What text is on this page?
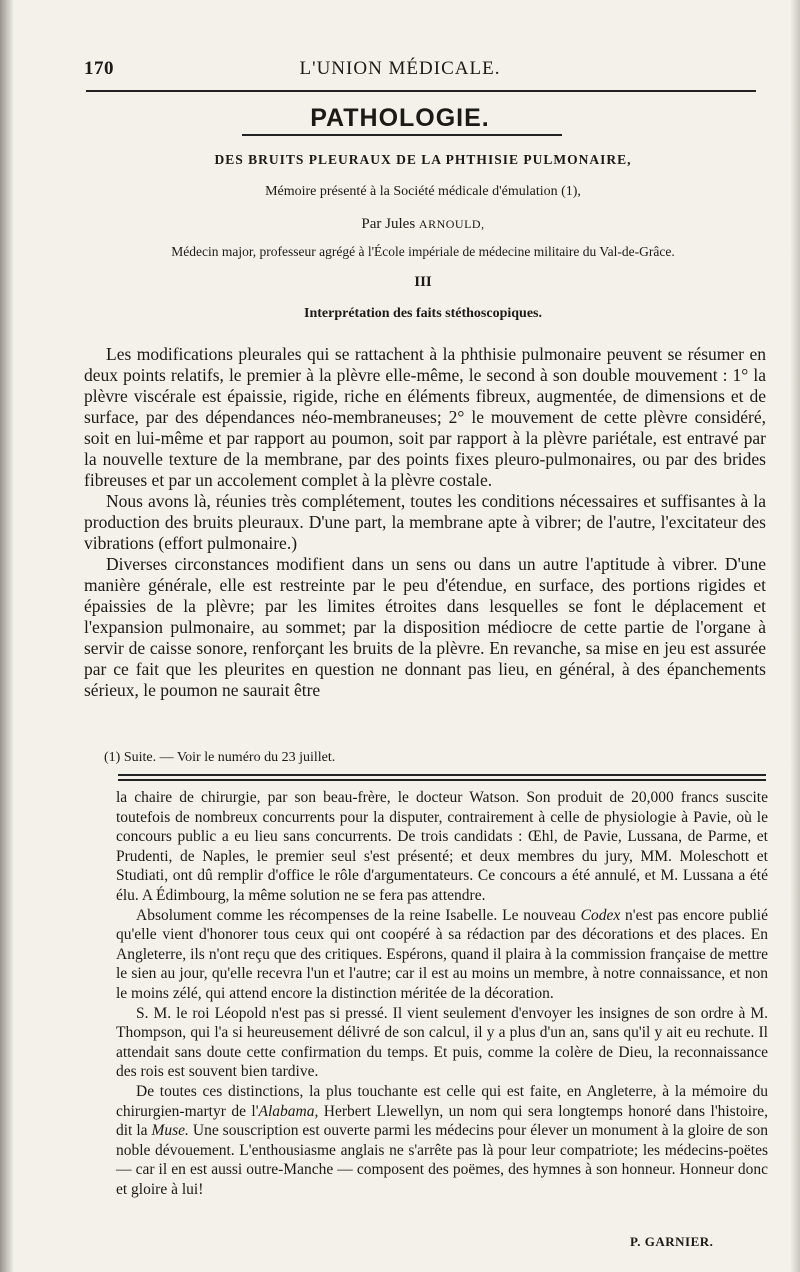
170	L'UNION MÉDICALE.
PATHOLOGIE.
DES BRUITS PLEURAUX DE LA PHTHISIE PULMONAIRE,
Mémoire présenté à la Société médicale d'émulation (1),
Par Jules ARNOULD,
Médecin major, professeur agrégé à l'École impériale de médecine militaire du Val-de-Grâce.
III
Interprétation des faits stéthoscopiques.

Les modifications pleurales qui se rattachent à la phthisie pulmonaire peuvent se résumer en deux points relatifs, le premier à la plèvre elle-même, le second à son double mouvement : 1° la plèvre viscérale est épaissie, rigide, riche en éléments fibreux, augmentée, de dimensions et de surface, par des dépendances néo-membraneuses; 2° le mouvement de cette plèvre considéré, soit en lui-même et par rapport au poumon, soit par rapport à la plèvre pariétale, est entravé par la nouvelle texture de la membrane, par des points fixes pleuro-pulmonaires, ou par des brides fibreuses et par un accolement complet à la plèvre costale.

Nous avons là, réunies très complétement, toutes les conditions nécessaires et suffisantes à la production des bruits pleuraux. D'une part, la membrane apte à vibrer; de l'autre, l'excitateur des vibrations (effort pulmonaire.)

Diverses circonstances modifient dans un sens ou dans un autre l'aptitude à vibrer. D'une manière générale, elle est restreinte par le peu d'étendue, en surface, des portions rigides et épaissies de la plèvre; par les limites étroites dans lesquelles se font le déplacement et l'expansion pulmonaire, au sommet; par la disposition médiocre de cette partie de l'organe à servir de caisse sonore, renforçant les bruits de la plèvre. En revanche, sa mise en jeu est assurée par ce fait que les pleurites en question ne donnant pas lieu, en général, à des épanchements sérieux, le poumon ne saurait être

(1) Suite. — Voir le numéro du 23 juillet.

la chaire de chirurgie, par son beau-frère, le docteur Watson. Son produit de 20,000 francs suscite toutefois de nombreux concurrents pour la disputer, contrairement à celle de physiologie à Pavie, où le concours public a eu lieu sans concurrents. De trois candidats : Œhl, de Pavie, Lussana, de Parme, et Prudenti, de Naples, le premier seul s'est présenté; et deux membres du jury, MM. Moleschott et Studiati, ont dû remplir d'office le rôle d'argumentateurs. Ce concours a été annulé, et M. Lussana a été élu. A Édimbourg, la même solution ne se fera pas attendre.

Absolument comme les récompenses de la reine Isabelle. Le nouveau Codex n'est pas encore publié qu'elle vient d'honorer tous ceux qui ont coopéré à sa rédaction par des décorations et des places. En Angleterre, ils n'ont reçu que des critiques. Espérons, quand il plaira à la commission française de mettre le sien au jour, qu'elle recevra l'un et l'autre; car il est au moins un membre, à notre connaissance, et non le moins zélé, qui attend encore la distinction méritée de la décoration.

S. M. le roi Léopold n'est pas si pressé. Il vient seulement d'envoyer les insignes de son ordre à M. Thompson, qui l'a si heureusement délivré de son calcul, il y a plus d'un an, sans qu'il y ait eu rechute. Il attendait sans doute cette confirmation du temps. Et puis, comme la colère de Dieu, la reconnaissance des rois est souvent bien tardive.

De toutes ces distinctions, la plus touchante est celle qui est faite, en Angleterre, à la mémoire du chirurgien-martyr de l'Alabama, Herbert Llewellyn, un nom qui sera longtemps honoré dans l'histoire, dit la Muse. Une souscription est ouverte parmi les médecins pour élever un monument à la gloire de son noble dévouement. L'enthousiasme anglais ne s'arrête pas là pour leur compatriote; les médecins-poëtes — car il en est aussi outre-Manche — composent des poëmes, des hymnes à son honneur. Honneur donc et gloire à lui!

P. GARNIER.
